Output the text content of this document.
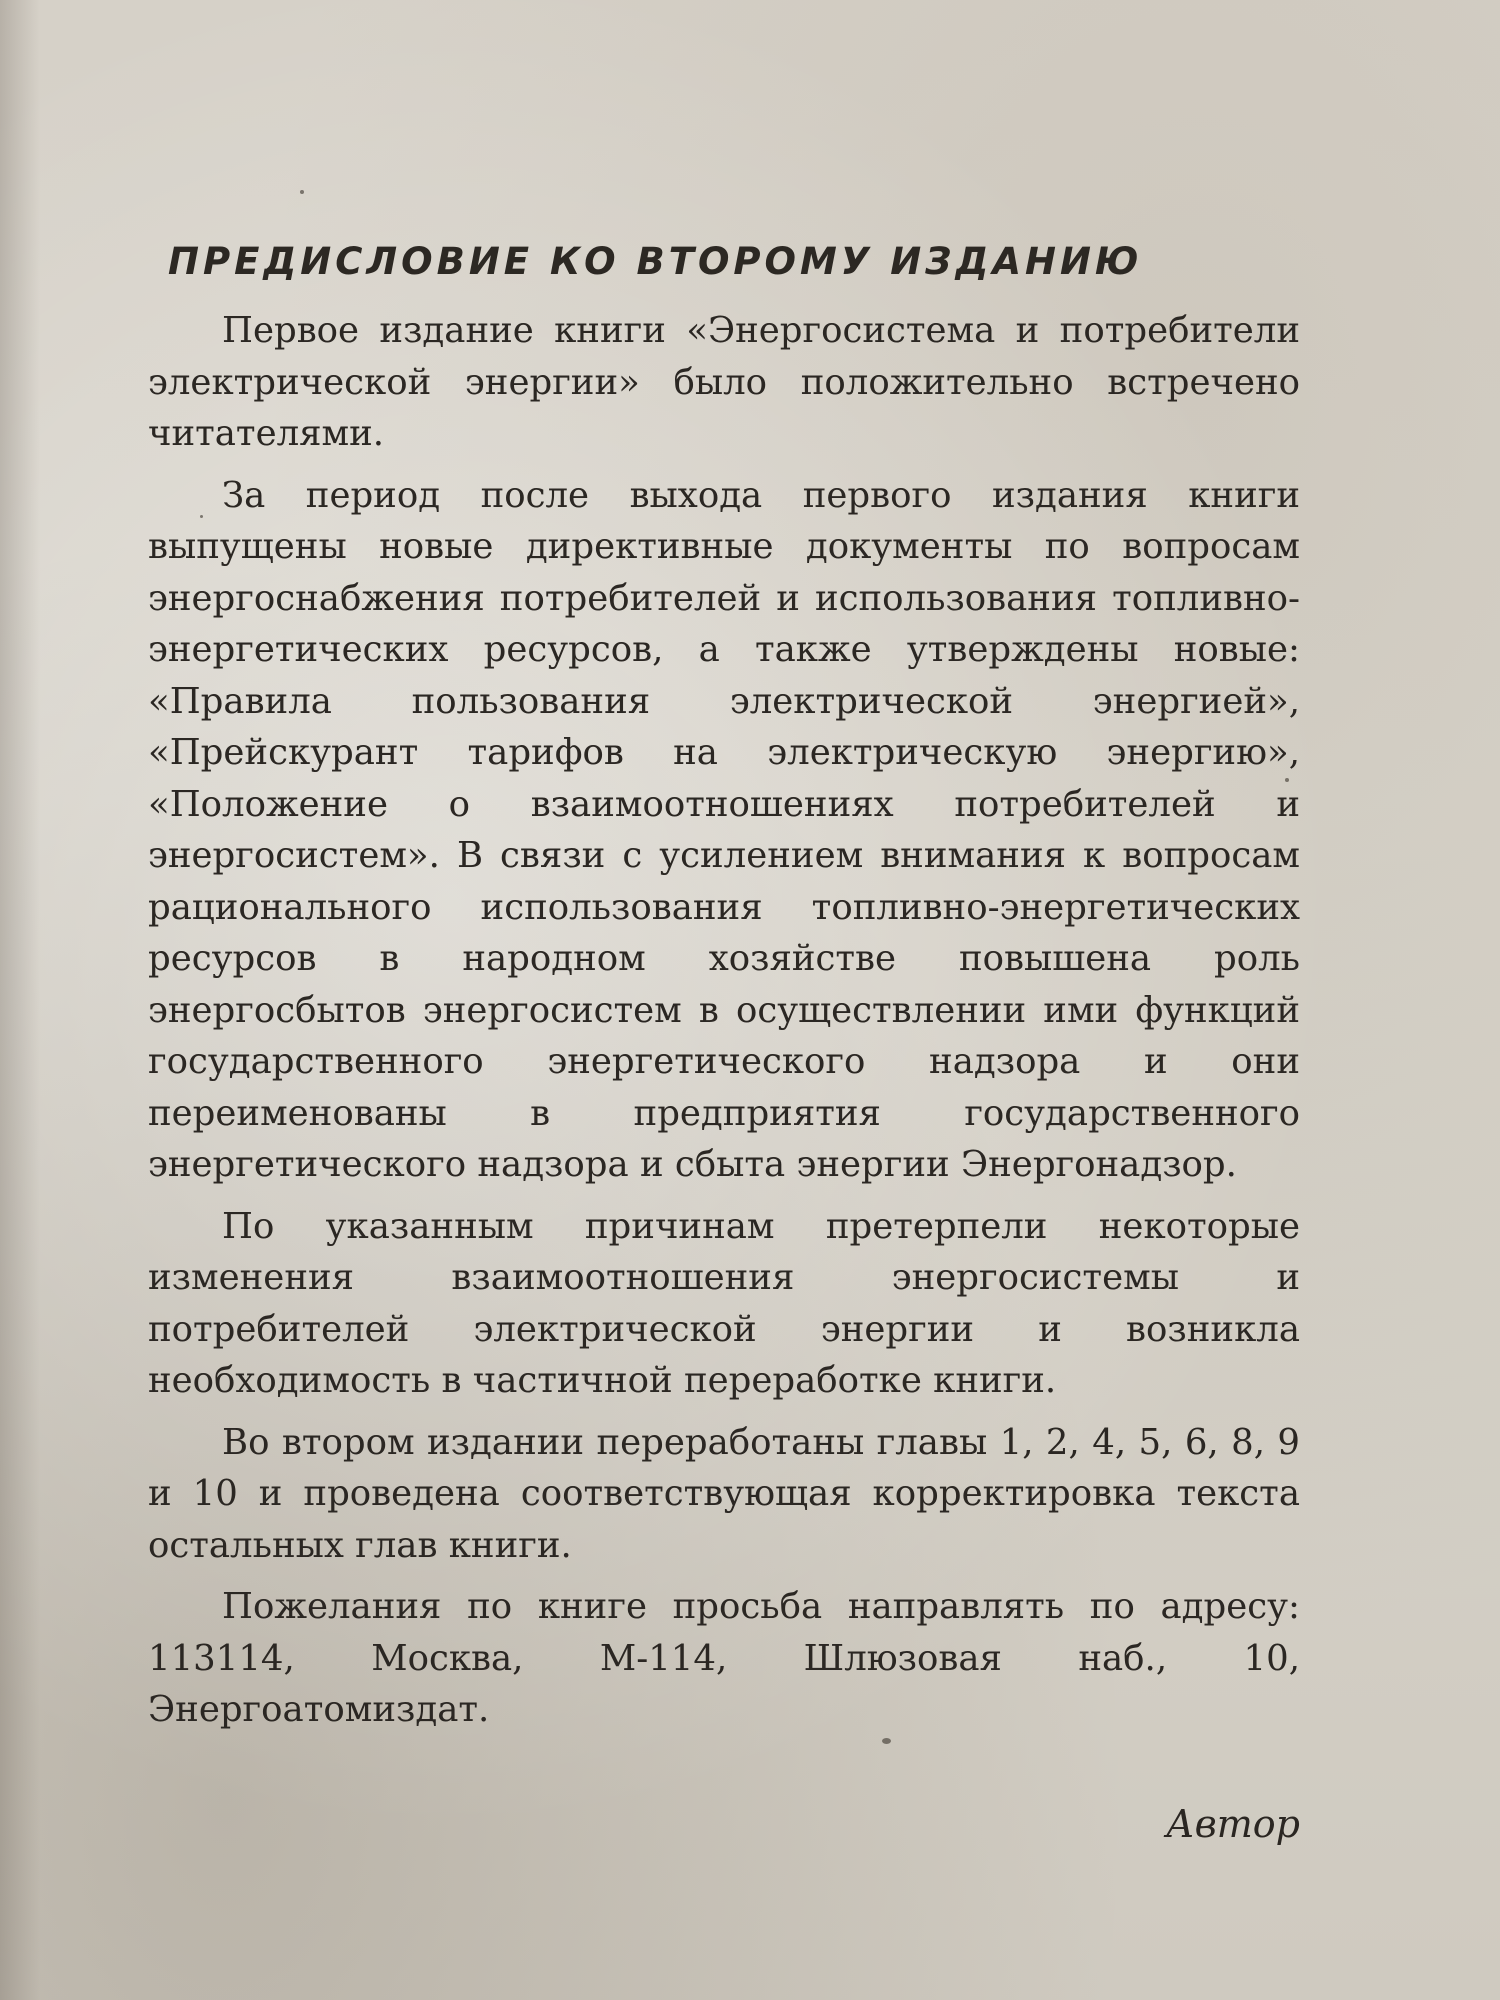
ПРЕДИСЛОВИЕ КО ВТОРОМУ ИЗДАНИЮ

Первое издание книги «Энергосистема и потребители электрической энергии» было положительно встречено читателями.

За период после выхода первого издания книги выпущены новые директивные документы по вопросам энергоснабжения потребителей и использования топливно-энергетических ресурсов, а также утверждены новые: «Правила пользования электрической энергией», «Прейскурант тарифов на электрическую энергию», «Положение о взаимоотношениях потребителей и энергосистем». В связи с усилением внимания к вопросам рационального использования топливно-энергетических ресурсов в народном хозяйстве повышена роль энергосбытов энергосистем в осуществлении ими функций государственного энергетического надзора и они переименованы в предприятия государственного энергетического надзора и сбыта энергии Энергонадзор.

По указанным причинам претерпели некоторые изменения взаимоотношения энергосистемы и потребителей электрической энергии и возникла необходимость в частичной переработке книги.

Во втором издании переработаны главы 1, 2, 4, 5, 6, 8, 9 и 10 и проведена соответствующая корректировка текста остальных глав книги.

Пожелания по книге просьба направлять по адресу: 113114, Москва, М-114, Шлюзовая наб., 10, Энергоатомиздат.

Автор
